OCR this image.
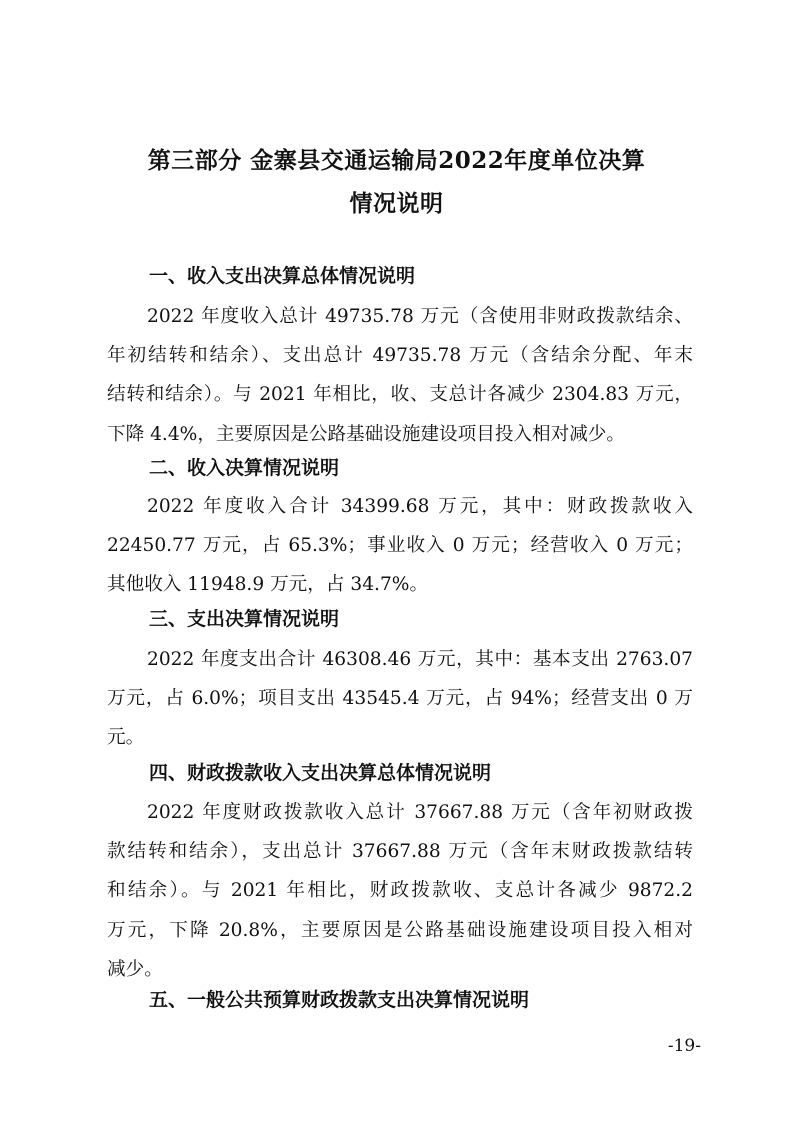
第三部分 金寨县交通运输局2022年度单位决算
情况说明
一、收入支出决算总体情况说明
2022 年度收入总计 49735.78 万元（含使用非财政拨款结余、
年初结转和结余）、支出总计 49735.78 万元（含结余分配、年末
结转和结余）。与 2021 年相比，收、支总计各减少 2304.83 万元，
下降 4.4%，主要原因是公路基础设施建设项目投入相对减少。
二、收入决算情况说明
2022 年度收入合计 34399.68 万元，其中：财政拨款收入
22450.77 万元，占 65.3%；事业收入 0 万元；经营收入 0 万元；
其他收入 11948.9 万元，占 34.7%。
三、支出决算情况说明
2022 年度支出合计 46308.46 万元，其中：基本支出 2763.07
万元，占 6.0%；项目支出 43545.4 万元，占 94%；经营支出 0 万
元。
四、财政拨款收入支出决算总体情况说明
2022 年度财政拨款收入总计 37667.88 万元（含年初财政拨
款结转和结余），支出总计 37667.88 万元（含年末财政拨款结转
和结余）。与 2021 年相比，财政拨款收、支总计各减少 9872.2
万元，下降 20.8%，主要原因是公路基础设施建设项目投入相对
减少。
五、一般公共预算财政拨款支出决算情况说明

-19-
